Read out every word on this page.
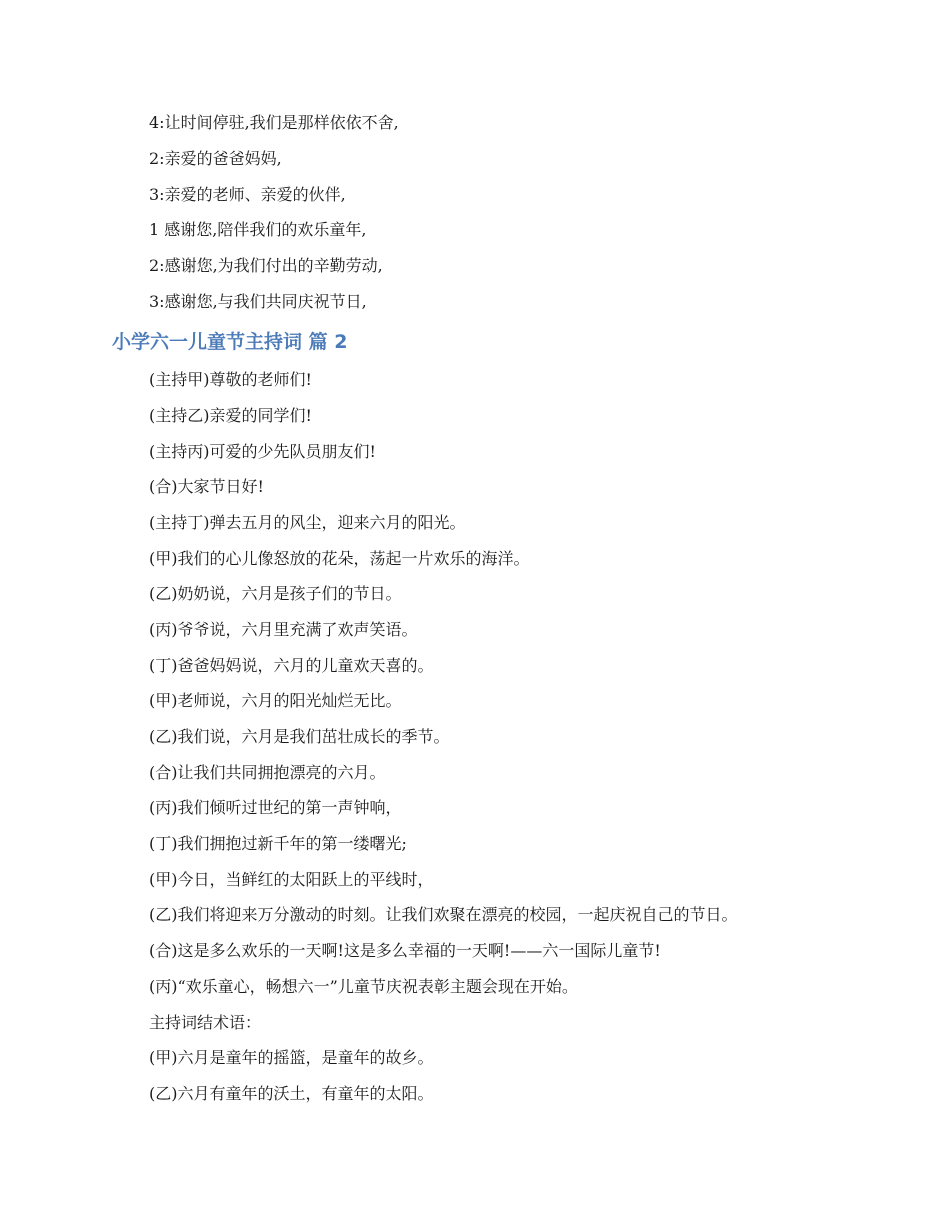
4:让时间停驻,我们是那样依依不舍,
2:亲爱的爸爸妈妈,
3:亲爱的老师、亲爱的伙伴,
1 感谢您,陪伴我们的欢乐童年,
2:感谢您,为我们付出的辛勤劳动,
3:感谢您,与我们共同庆祝节日,
小学六一儿童节主持词 篇 2
(主持甲)尊敬的老师们!
(主持乙)亲爱的同学们!
(主持丙)可爱的少先队员朋友们!
(合)大家节日好!
(主持丁)弹去五月的风尘，迎来六月的阳光。
(甲)我们的心儿像怒放的花朵，荡起一片欢乐的海洋。
(乙)奶奶说，六月是孩子们的节日。
(丙)爷爷说，六月里充满了欢声笑语。
(丁)爸爸妈妈说，六月的儿童欢天喜的。
(甲)老师说，六月的阳光灿烂无比。
(乙)我们说，六月是我们茁壮成长的季节。
(合)让我们共同拥抱漂亮的六月。
(丙)我们倾听过世纪的第一声钟响，
(丁)我们拥抱过新千年的第一缕曙光;
(甲)今日，当鲜红的太阳跃上的平线时，
(乙)我们将迎来万分激动的时刻。让我们欢聚在漂亮的校园，一起庆祝自己的节日。
(合)这是多么欢乐的一天啊!这是多么幸福的一天啊!——六一国际儿童节!
(丙)“欢乐童心，畅想六一”儿童节庆祝表彰主题会现在开始。
主持词结术语：
(甲)六月是童年的摇篮，是童年的故乡。
(乙)六月有童年的沃土，有童年的太阳。
